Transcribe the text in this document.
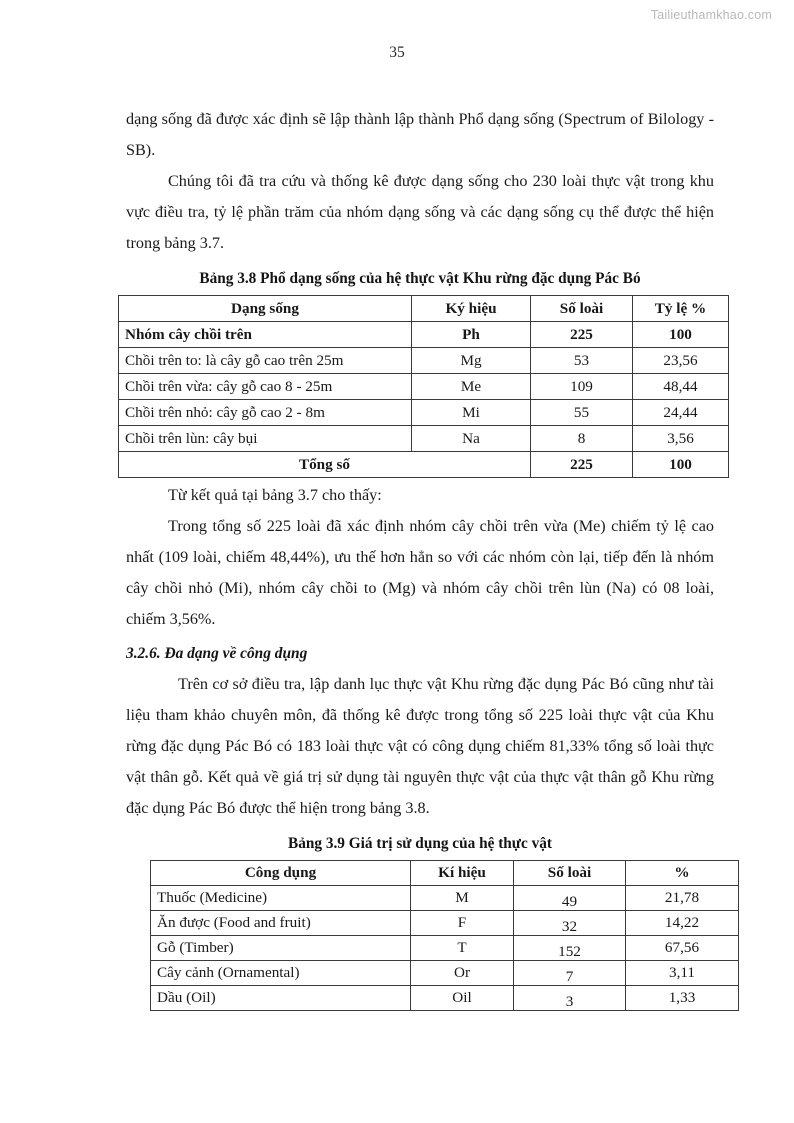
Tailieuthamkhao.com
35

dạng sống đã được xác định sẽ lập thành lập thành Phổ dạng sống (Spectrum of Bilology - SB).

Chúng tôi đã tra cứu và thống kê được dạng sống cho 230 loài thực vật trong khu vực điều tra, tỷ lệ phần trăm của nhóm dạng sống và các dạng sống cụ thể được thể hiện trong bảng 3.7.

Bảng 3.8 Phổ dạng sống của hệ thực vật Khu rừng đặc dụng Pác Bó
Dạng sống	Ký hiệu	Số loài	Tỷ lệ %
Nhóm cây chồi trên	Ph	225	100
Chồi trên to: là cây gỗ cao trên 25m	Mg	53	23,56
Chồi trên vừa: cây gỗ cao 8 - 25m	Me	109	48,44
Chồi trên nhỏ: cây gỗ cao 2 - 8m	Mi	55	24,44
Chồi trên lùn: cây bụi	Na	8	3,56
Tổng số		225	100

Từ kết quả tại bảng 3.7 cho thấy:

Trong tổng số 225 loài đã xác định nhóm cây chồi trên vừa (Me) chiếm tỷ lệ cao nhất (109 loài, chiếm 48,44%), ưu thế hơn hẳn so với các nhóm còn lại, tiếp đến là nhóm cây chồi nhỏ (Mi), nhóm cây chồi to (Mg) và nhóm cây chồi trên lùn (Na) có 08 loài, chiếm 3,56%.

3.2.6. Đa dạng về công dụng

Trên cơ sở điều tra, lập danh lục thực vật Khu rừng đặc dụng Pác Bó cũng như tài liệu tham khảo chuyên môn, đã thống kê được trong tổng số 225 loài thực vật của Khu rừng đặc dụng Pác Bó có 183 loài thực vật có công dụng chiếm 81,33% tổng số loài thực vật thân gỗ. Kết quả về giá trị sử dụng tài nguyên thực vật của thực vật thân gỗ Khu rừng đặc dụng Pác Bó được thể hiện trong bảng 3.8.

Bảng 3.9 Giá trị sử dụng của hệ thực vật
Công dụng	Kí hiệu	Số loài	%
Thuốc (Medicine)	M	49	21,78
Ăn được (Food and fruit)	F	32	14,22
Gỗ (Timber)	T	152	67,56
Cây cảnh (Ornamental)	Or	7	3,11
Dầu (Oil)	Oil	3	1,33
